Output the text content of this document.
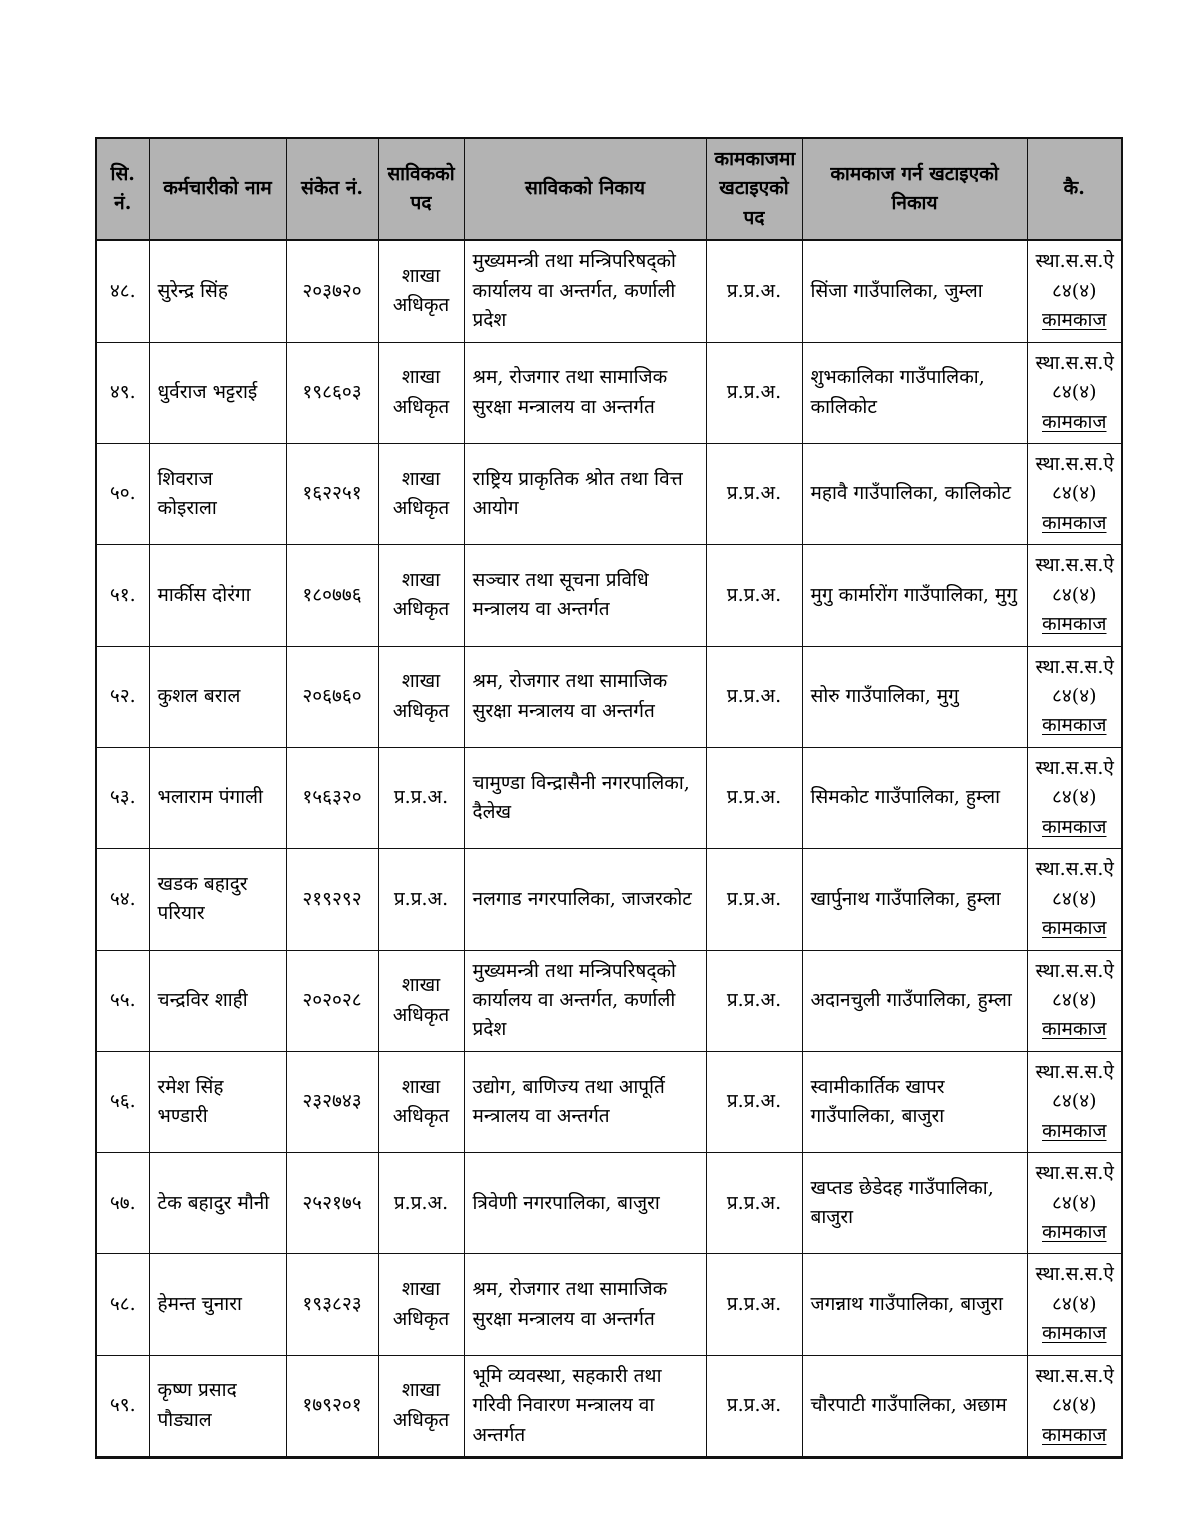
सि. नं.	कर्मचारीको नाम	संकेत नं.	साविकको पद	साविकको निकाय	कामकाजमा खटाइएको पद	कामकाज गर्न खटाइएको निकाय	कै.
४८.	सुरेन्द्र सिंह	२०३७२०	शाखा अधिकृत	मुख्यमन्त्री तथा मन्त्रिपरिषद्को कार्यालय वा अन्तर्गत, कर्णाली प्रदेश	प्र.प्र.अ.	सिंजा गाउँपालिका, जुम्ला	स्था.स.स.ऐ
८४(४)
कामकाज

४९.	धुर्वराज भट्टराई	१९८६०३	शाखा अधिकृत	श्रम, रोजगार तथा सामाजिक सुरक्षा मन्त्रालय वा अन्तर्गत	प्र.प्र.अ.	शुभकालिका गाउँपालिका, कालिकोट	स्था.स.स.ऐ
८४(४)
कामकाज

५०.	शिवराज कोइराला	१६२२५१	शाखा अधिकृत	राष्ट्रिय प्राकृतिक श्रोत तथा वित्त आयोग	प्र.प्र.अ.	महावै गाउँपालिका, कालिकोट	स्था.स.स.ऐ
८४(४)
कामकाज

५१.	मार्कीस दोरंगा	१८०७७६	शाखा अधिकृत	सञ्चार तथा सूचना प्रविधि मन्त्रालय वा अन्तर्गत	प्र.प्र.अ.	मुगु कार्मारोंग गाउँपालिका, मुगु	स्था.स.स.ऐ
८४(४)
कामकाज

५२.	कुशल बराल	२०६७६०	शाखा अधिकृत	श्रम, रोजगार तथा सामाजिक सुरक्षा मन्त्रालय वा अन्तर्गत	प्र.प्र.अ.	सोरु गाउँपालिका, मुगु	स्था.स.स.ऐ
८४(४)
कामकाज

५३.	भलाराम पंगाली	१५६३२०	प्र.प्र.अ.	चामुण्डा विन्द्रासैनी नगरपालिका, दैलेख	प्र.प्र.अ.	सिमकोट गाउँपालिका, हुम्ला	स्था.स.स.ऐ
८४(४)
कामकाज

५४.	खडक बहादुर परियार	२१९२९२	प्र.प्र.अ.	नलगाड नगरपालिका, जाजरकोट	प्र.प्र.अ.	खार्पुनाथ गाउँपालिका, हुम्ला	स्था.स.स.ऐ
८४(४)
कामकाज

५५.	चन्द्रविर शाही	२०२०२८	शाखा अधिकृत	मुख्यमन्त्री तथा मन्त्रिपरिषद्को कार्यालय वा अन्तर्गत, कर्णाली प्रदेश	प्र.प्र.अ.	अदानचुली गाउँपालिका, हुम्ला	स्था.स.स.ऐ
८४(४)
कामकाज

५६.	रमेश सिंह भण्डारी	२३२७४३	शाखा अधिकृत	उद्योग, बाणिज्य तथा आपूर्ति मन्त्रालय वा अन्तर्गत	प्र.प्र.अ.	स्वामीकार्तिक खापर गाउँपालिका, बाजुरा	स्था.स.स.ऐ
८४(४)
कामकाज

५७.	टेक बहादुर मौनी	२५२१७५	प्र.प्र.अ.	त्रिवेणी नगरपालिका, बाजुरा	प्र.प्र.अ.	खप्तड छेडेदह गाउँपालिका, बाजुरा	स्था.स.स.ऐ
८४(४)
कामकाज

५८.	हेमन्त चुनारा	१९३८२३	शाखा अधिकृत	श्रम, रोजगार तथा सामाजिक सुरक्षा मन्त्रालय वा अन्तर्गत	प्र.प्र.अ.	जगन्नाथ गाउँपालिका, बाजुरा	स्था.स.स.ऐ
८४(४)
कामकाज

५९.	कृष्ण प्रसाद पौड्याल	१७९२०१	शाखा अधिकृत	भूमि व्यवस्था, सहकारी तथा गरिवी निवारण मन्त्रालय वा अन्तर्गत	प्र.प्र.अ.	चौरपाटी गाउँपालिका, अछाम	स्था.स.स.ऐ
८४(४)
कामकाज
